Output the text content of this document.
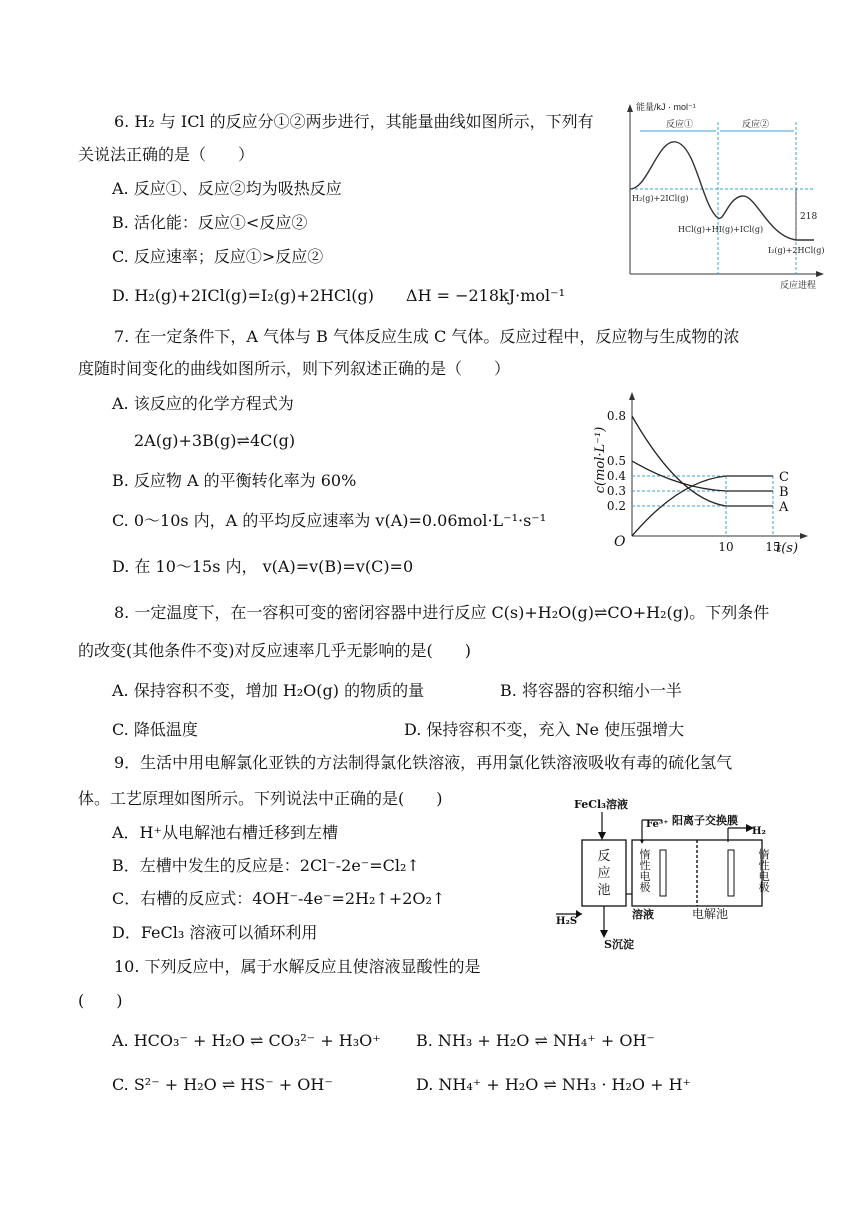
6. H₂ 与 ICl 的反应分①②两步进行，其能量曲线如图所示，下列有
关说法正确的是（　　）
A. 反应①、反应②均为吸热反应
B. 活化能：反应①<反应②
C. 反应速率；反应①>反应②
D. H₂(g)+2ICl(g)=I₂(g)+2HCl(g)　　ΔH = −218kJ·mol⁻¹
能量/kJ · mol⁻¹
反应①	反应②
218
H₂(g)+2ICl(g)
HCl(g)+HI(g)+ICl(g)
I₂(g)+2HCl(g)
反应进程
7. 在一定条件下，A 气体与 B 气体反应生成 C 气体。反应过程中，反应物与生成物的浓
度随时间变化的曲线如图所示，则下列叙述正确的是（　　）
A. 该反应的化学方程式为
2A(g)+3B(g)⇌4C(g)
B. 反应物 A 的平衡转化率为 60%
C. 0～10s 内，A 的平均反应速率为 v(A)=0.06mol·L⁻¹·s⁻¹
D. 在 10～15s 内， v(A)=v(B)=v(C)=0
c(mol·L⁻¹)
O	t(s)
0.8
0.5
0.4
0.3
0.2
10	15
A
B
C
8. 一定温度下，在一容积可变的密闭容器中进行反应 C(s)+H₂O(g)⇌CO+H₂(g)。下列条件
的改变(其他条件不变)对反应速率几乎无影响的是(　　)
A. 保持容积不变，增加 H₂O(g) 的物质的量	B. 将容器的容积缩小一半
C. 降低温度	D. 保持容积不变，充入 Ne 使压强增大
9．生活中用电解氯化亚铁的方法制得氯化铁溶液，再用氯化铁溶液吸收有毒的硫化氢气
体。工艺原理如图所示。下列说法中正确的是(　　)
A．H⁺从电解池右槽迁移到左槽
B．左槽中发生的反应是：2Cl⁻-2e⁻=Cl₂↑
C．右槽的反应式：4OH⁻-4e⁻=2H₂↑+2O₂↑
D．FeCl₃ 溶液可以循环利用
FeCl₃溶液
Fe³⁺ 阳离子交换膜
H₂
反应池
惰性电极
惰性电极
溶液	电解池
H₂S
S沉淀
10. 下列反应中，属于水解反应且使溶液显酸性的是
(　　)
A. HCO₃⁻ + H₂O ⇌ CO₃²⁻ + H₃O⁺ B. NH₃ + H₂O ⇌ NH₄⁺ + OH⁻
C. S²⁻ + H₂O ⇌ HS⁻ + OH⁻	D. NH₄⁺ + H₂O ⇌ NH₃ · H₂O + H⁺
